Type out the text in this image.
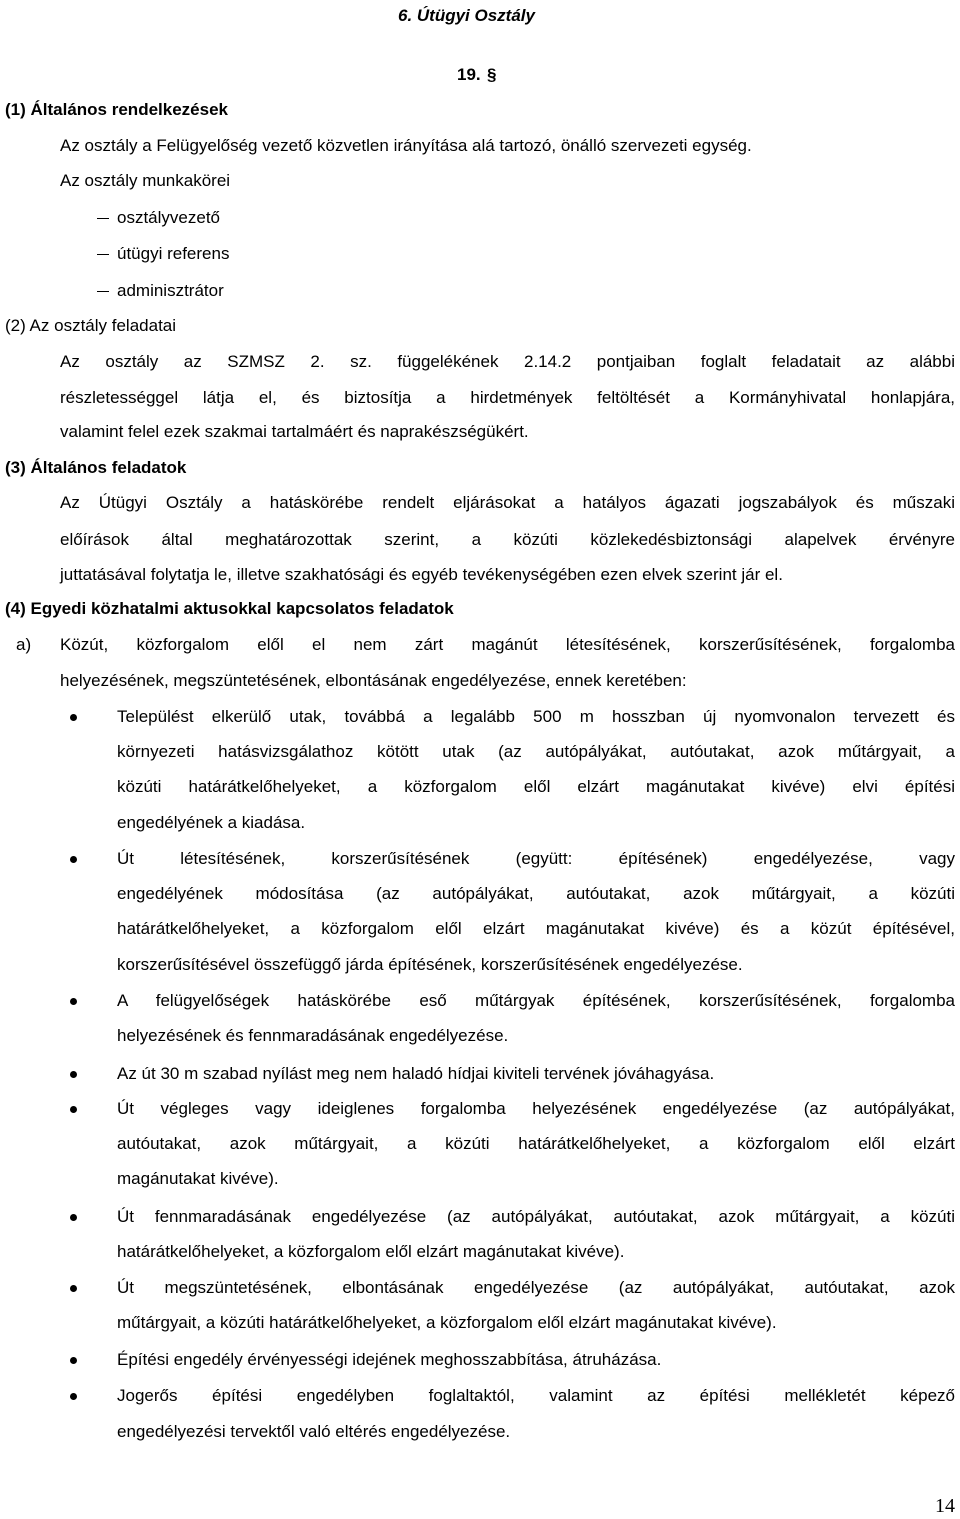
6. Útügyi Osztály
19. §
(1) Általános rendelkezések
Az osztály a Felügyelőség vezető közvetlen irányítása alá tartozó, önálló szervezeti egység.
Az osztály munkakörei
osztályvezető
útügyi referens
adminisztrátor
(2) Az osztály feladatai
Az osztály az SZMSZ 2. sz. függelékének 2.14.2 pontjaiban foglalt feladatait az alábbi
részletességgel látja el, és biztosítja a hirdetmények feltöltését a Kormányhivatal honlapjára,
valamint felel ezek szakmai tartalmáért és naprakészségükért.
(3) Általános feladatok
Az Útügyi Osztály a hatáskörébe rendelt eljárásokat a hatályos ágazati jogszabályok és műszaki
előírások által meghatározottak szerint, a közúti közlekedésbiztonsági alapelvek érvényre
juttatásával folytatja le, illetve szakhatósági és egyéb tevékenységében ezen elvek szerint jár el.
(4) Egyedi közhatalmi aktusokkal kapcsolatos feladatok
a) Közút, közforgalom elől el nem zárt magánút létesítésének, korszerűsítésének, forgalomba
helyezésének, megszüntetésének, elbontásának engedélyezése, ennek keretében:
Települést elkerülő utak, továbbá a legalább 500 m hosszban új nyomvonalon tervezett és
környezeti hatásvizsgálathoz kötött utak (az autópályákat, autóutakat, azok műtárgyait, a
közúti határátkelőhelyeket, a közforgalom elől elzárt magánutakat kivéve) elvi építési
engedélyének a kiadása.
Út létesítésének, korszerűsítésének (együtt: építésének) engedélyezése, vagy
engedélyének módosítása (az autópályákat, autóutakat, azok műtárgyait, a közúti
határátkelőhelyeket, a közforgalom elől elzárt magánutakat kivéve) és a közút építésével,
korszerűsítésével összefüggő járda építésének, korszerűsítésének engedélyezése.
A felügyelőségek hatáskörébe eső műtárgyak építésének, korszerűsítésének, forgalomba
helyezésének és fennmaradásának engedélyezése.
Az út 30 m szabad nyílást meg nem haladó hídjai kiviteli tervének jóváhagyása.
Út végleges vagy ideiglenes forgalomba helyezésének engedélyezése (az autópályákat,
autóutakat, azok műtárgyait, a közúti határátkelőhelyeket, a közforgalom elől elzárt
magánutakat kivéve).
Út fennmaradásának engedélyezése (az autópályákat, autóutakat, azok műtárgyait, a közúti
határátkelőhelyeket, a közforgalom elől elzárt magánutakat kivéve).
Út megszüntetésének, elbontásának engedélyezése (az autópályákat, autóutakat, azok
műtárgyait, a közúti határátkelőhelyeket, a közforgalom elől elzárt magánutakat kivéve).
Építési engedély érvényességi idejének meghosszabbítása, átruházása.
Jogerős építési engedélyben foglaltaktól, valamint az építési mellékletét képező
engedélyezési tervektől való eltérés engedélyezése.
14
